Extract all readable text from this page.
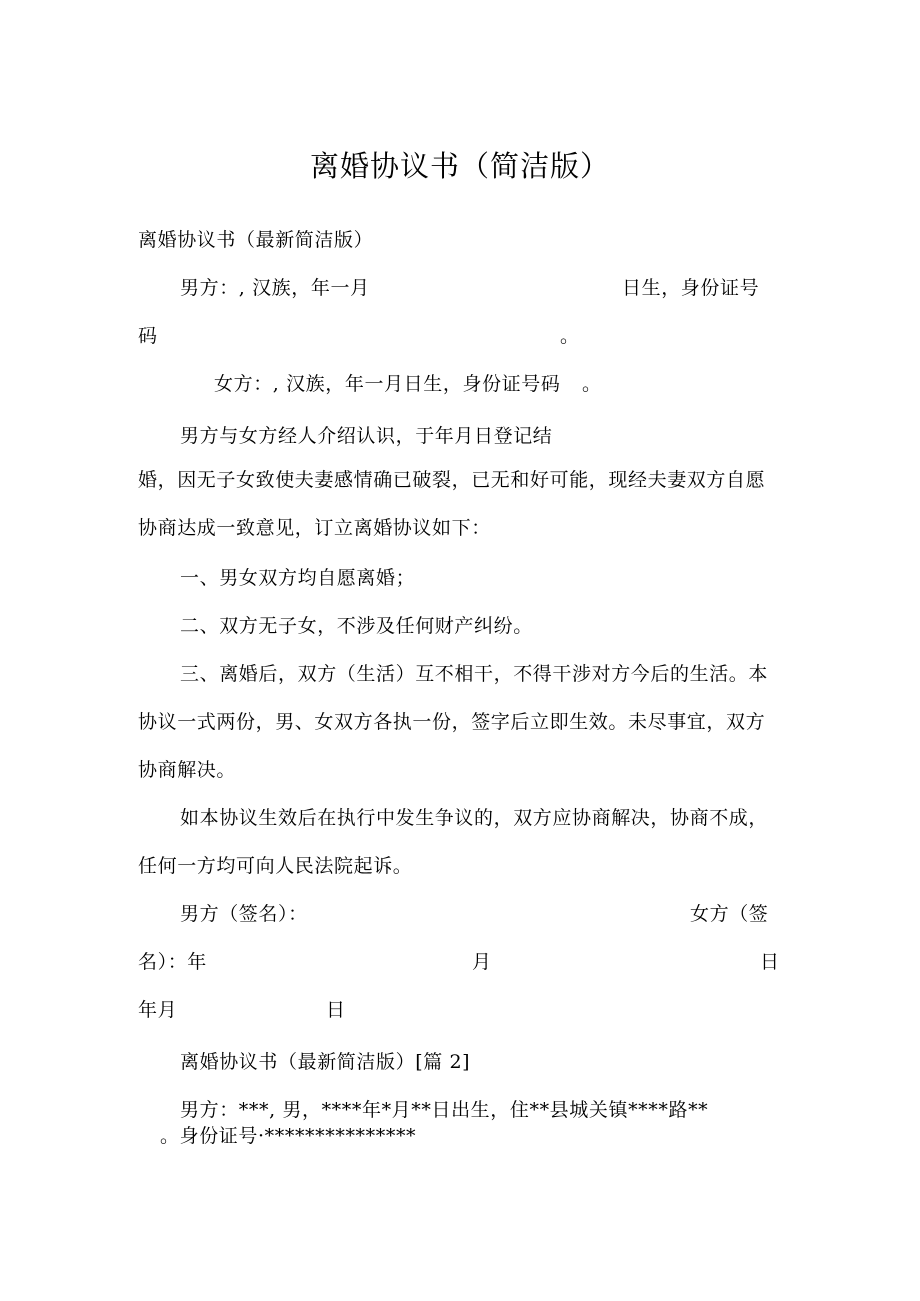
离婚协议书（简洁版）
离婚协议书（最新简洁版）
男方：, 汉族，年一月	日生，身份证号
码	。
女方：, 汉族，年一月日生，身份证号码 。
男方与女方经人介绍认识，于年月日登记结
婚，因无子女致使夫妻感情确已破裂，已无和好可能，现经夫妻双方自愿
协商达成一致意见，订立离婚协议如下：
一、男女双方均自愿离婚；
二、双方无子女，不涉及任何财产纠纷。
三、离婚后，双方（生活）互不相干，不得干涉对方今后的生活。本
协议一式两份，男、女双方各执一份，签字后立即生效。未尽事宜，双方
协商解决。
如本协议生效后在执行中发生争议的，双方应协商解决，协商不成，
任何一方均可向人民法院起诉。
男方（签名）：	女方（签
名）：年	月	日
年月	日
离婚协议书（最新简洁版）[篇 2]
男方：***, 男，****年*月**日出生，住**县城关镇****路**
。身份证号·***************
